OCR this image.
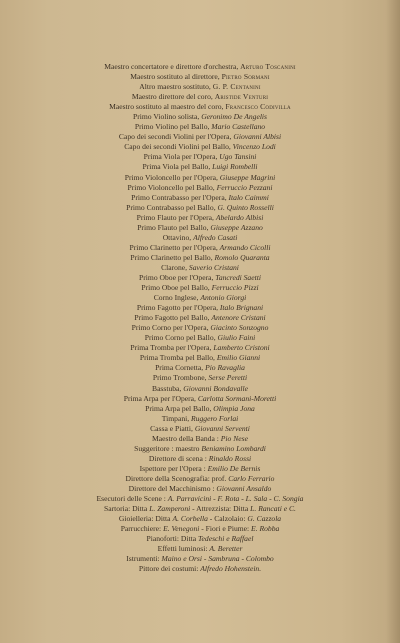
Maestro concertatore e direttore d'orchestra, Arturo Toscanini
Maestro sostituto al direttore, Pietro Sormani
Altro maestro sostituto, G. P. Centanini
Maestro direttore del coro, Aristide Venturi
Maestro sostituto al maestro del coro, Francesco Codivilla
Primo Violino solista, Geronimo De Angelis
Primo Violino pel Ballo, Mario Castellano
Capo dei secondi Violini per l'Opera, Giovanni Albisi
Capo dei secondi Violini pel Ballo, Vincenzo Lodi
Prima Viola per l'Opera, Ugo Tansini
Prima Viola pel Ballo, Luigi Rombelli
Primo Violoncello per l'Opera, Giuseppe Magrini
Primo Violoncello pel Ballo, Ferruccio Pezzani
Primo Contrabasso per l'Opera, Italo Caimmi
Primo Contrabasso pel Ballo, G. Quinto Rosselli
Primo Flauto per l'Opera, Abelardo Albisi
Primo Flauto pel Ballo, Giuseppe Azzano
Ottavino, Alfredo Casati
Primo Clarinetto per l'Opera, Armando Cicolli
Primo Clarinetto pel Ballo, Romolo Quaranta
Clarone, Saverio Cristani
Primo Oboe per l'Opera, Tancredi Saetti
Primo Oboe pel Ballo, Ferruccio Pizzi
Corno Inglese, Antonio Giorgi
Primo Fagotto per l'Opera, Italo Brignani
Primo Fagotto pel Ballo, Antenore Cristani
Primo Corno per l'Opera, Giacinto Sonzogno
Primo Corno pel Ballo, Giulio Faini
Prima Tromba per l'Opera, Lamberto Cristoni
Prima Tromba pel Ballo, Emilio Gianni
Prima Cornetta, Pio Ravaglia
Primo Trombone, Serse Peretti
Basstuba, Giovanni Bondavalle
Prima Arpa per l'Opera, Carlotta Sormani-Moretti
Prima Arpa pel Ballo, Olimpia Jona
Timpani, Ruggero Forlai
Cassa e Piatti, Giovanni Serventi
Maestro della Banda : Pio Nese
Suggeritore : maestro Beniamino Lombardi
Direttore di scena : Rinaldo Rossi
Ispettore per l'Opera : Emilio De Bernis
Direttore della Scenografia: prof. Carlo Ferrario
Direttore del Macchinismo : Giovanni Ansaldo
Esecutori delle Scene : A. Parravicini - F. Rota - L. Sala - C. Songia
Sartoria: Ditta L. Zamperoni - Attrezzista: Ditta L. Rancati e C.
Gioielleria: Ditta A. Corbella - Calzolaio: G. Cazzola
Parrucchiere: E. Venegoni - Fiori e Piume: E. Robba
Pianoforti: Ditta Tedeschi e Raffael
Effetti luminosi: A. Beretter
Istrumenti: Maino e Orsi - Sambruna - Colombo
Pittore dei costumi: Alfredo Hohenstein.
